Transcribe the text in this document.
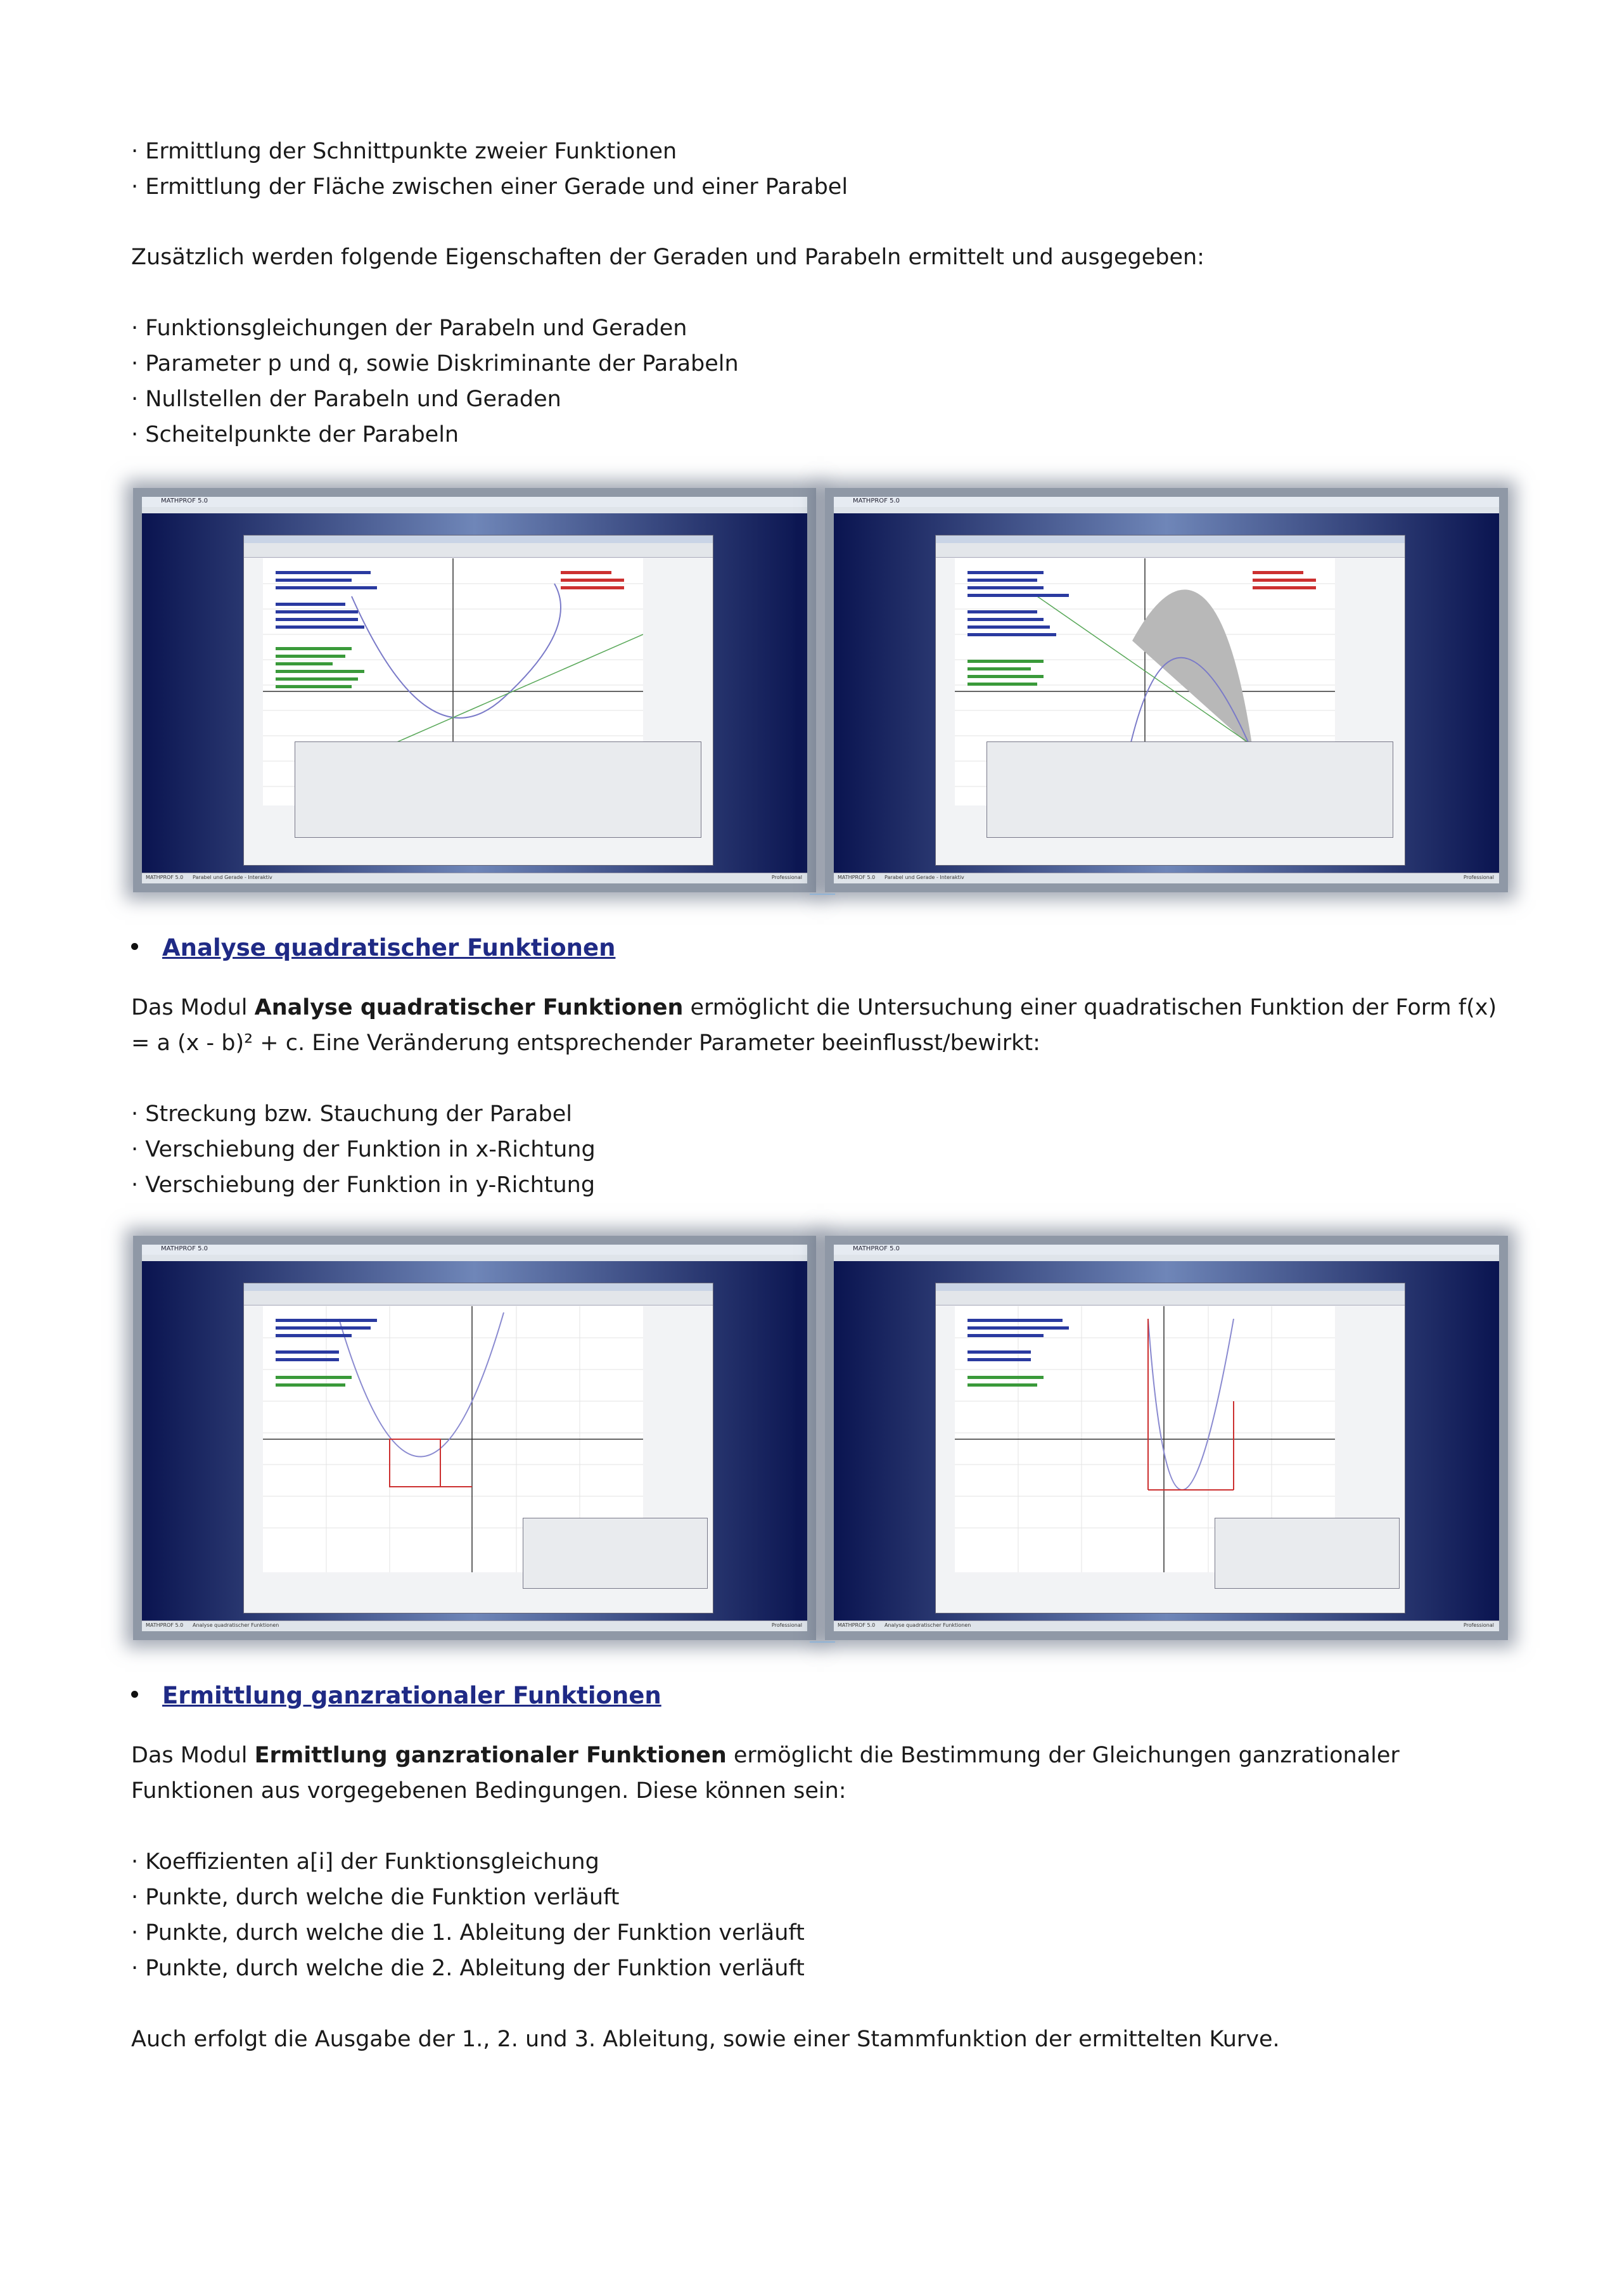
· Ermittlung der Schnittpunkte zweier Funktionen
· Ermittlung der Fläche zwischen einer Gerade und einer Parabel
Zusätzlich werden folgende Eigenschaften der Geraden und Parabeln ermittelt und ausgegeben:
· Funktionsgleichungen der Parabeln und Geraden
· Parameter p und q, sowie Diskriminante der Parabeln
· Nullstellen der Parabeln und Geraden
· Scheitelpunkte der Parabeln
MATHPROF 5.0
MATHPROF 5.0 Parabel und Gerade - Interaktiv	Professional
MATHPROF 5.0
MATHPROF 5.0 Parabel und Gerade - Interaktiv	Professional
Analyse quadratischer Funktionen
Das Modul Analyse quadratischer Funktionen ermöglicht die Untersuchung einer quadratischen Funktion der Form f(x) = a (x - b)² + c. Eine Veränderung entsprechender Parameter beeinflusst/bewirkt:
· Streckung bzw. Stauchung der Parabel
· Verschiebung der Funktion in x-Richtung
· Verschiebung der Funktion in y-Richtung
MATHPROF 5.0
MATHPROF 5.0 Analyse quadratischer Funktionen	Professional
MATHPROF 5.0
MATHPROF 5.0 Analyse quadratischer Funktionen	Professional
Ermittlung ganzrationaler Funktionen
Das Modul Ermittlung ganzrationaler Funktionen ermöglicht die Bestimmung der Gleichungen ganzrationaler Funktionen aus vorgegebenen Bedingungen. Diese können sein:
· Koeffizienten a[i] der Funktionsgleichung
· Punkte, durch welche die Funktion verläuft
· Punkte, durch welche die 1. Ableitung der Funktion verläuft
· Punkte, durch welche die 2. Ableitung der Funktion verläuft
Auch erfolgt die Ausgabe der 1., 2. und 3. Ableitung, sowie einer Stammfunktion der ermittelten Kurve.
